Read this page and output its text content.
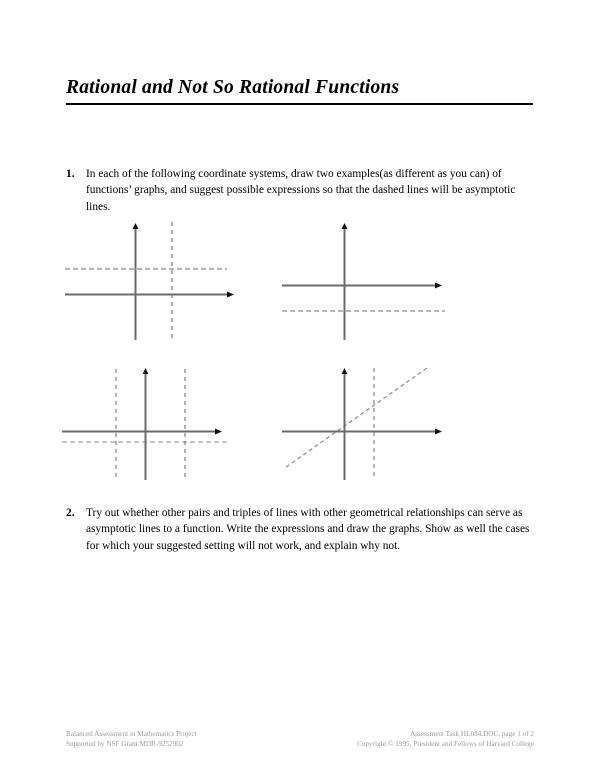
Rational and Not So Rational Functions
1.	In each of the following coordinate systems, draw two examples(as different as you can) of functions’ graphs, and suggest possible expressions so that the dashed lines will be asymptotic lines.
2.	Try out whether other pairs and triples of lines with other geometrical relationships can serve as asymptotic lines to a function. Write the expressions and draw the graphs. Show as well the cases for which your suggested setting will not work, and explain why not.
Balanced Assessment in Mathematics Project
Supported by NSF Grant MDR-9252902
Assessment Task HL084.DOC, page 1 of 2
Copyright © 1995, President and Fellows of Harvard College
